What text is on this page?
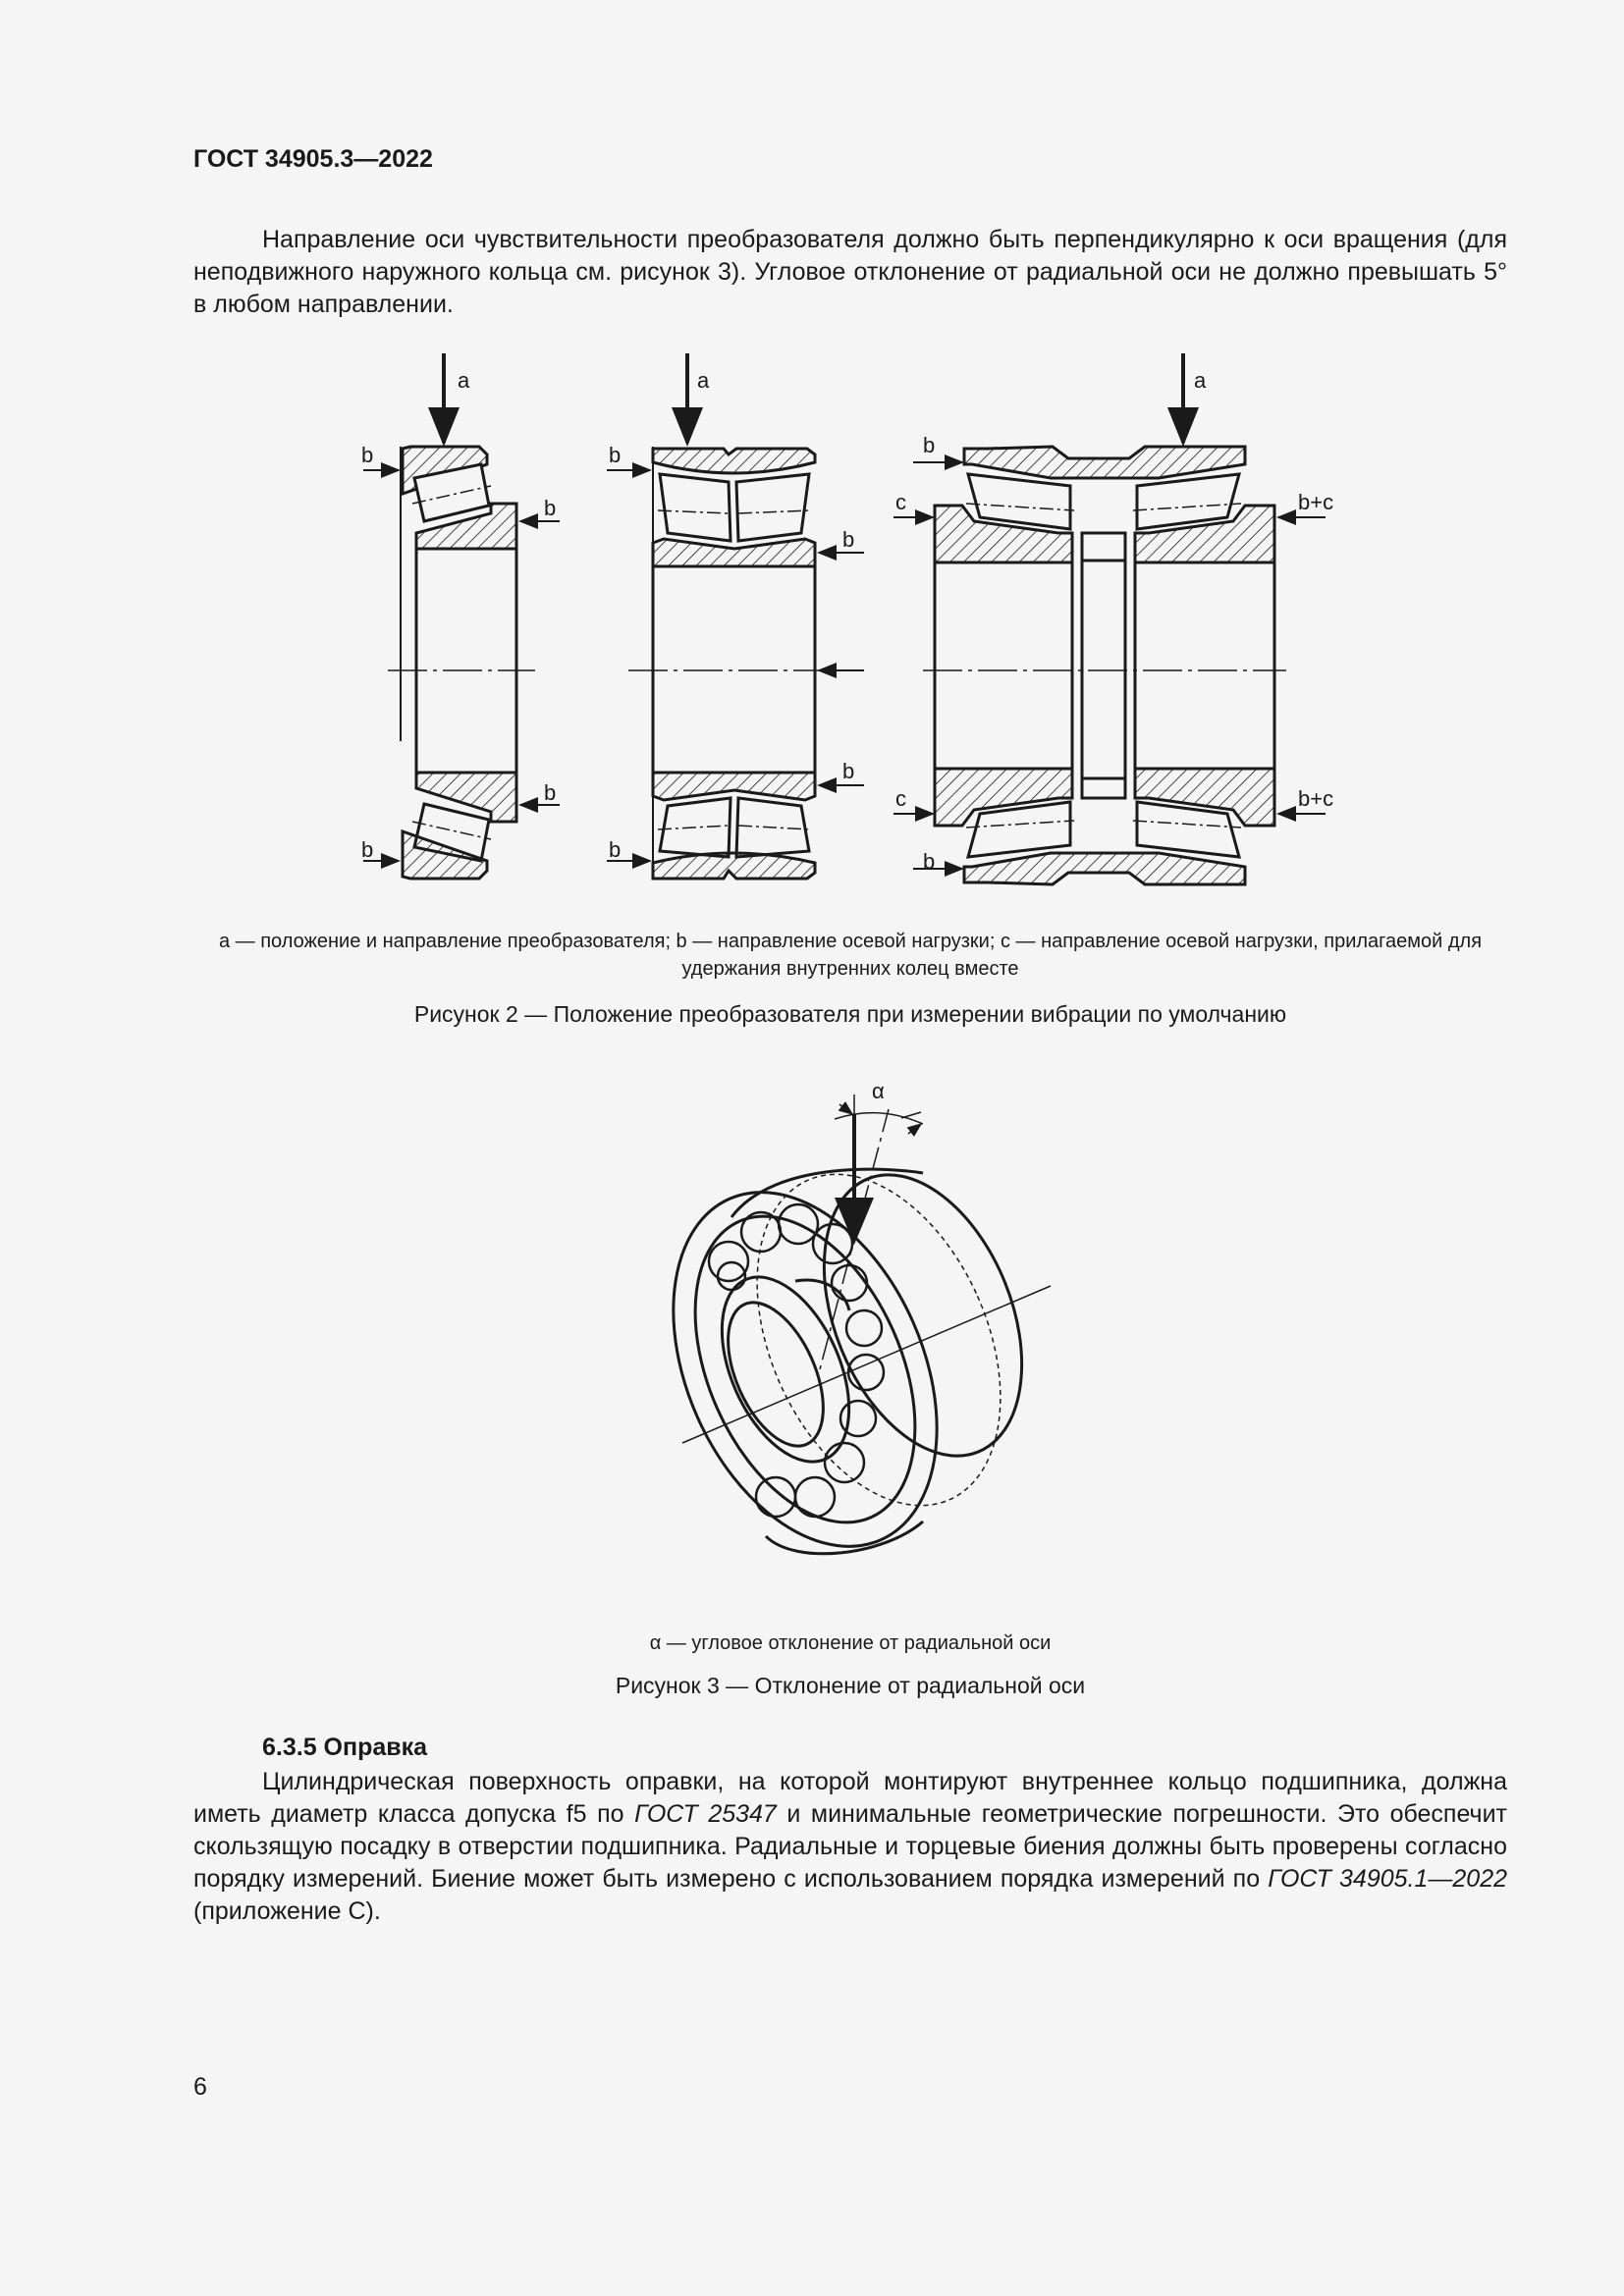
ГОСТ 34905.3—2022

Направление оси чувствительности преобразователя должно быть перпендикулярно к оси вращения (для неподвижного наружного кольца см. рисунок 3). Угловое отклонение от радиальной оси не должно превышать 5° в любом направлении.

a	a	a
b
b
b
b
b
b
b
b
b
c	b+c
c	b+c
b
a — положение и направление преобразователя; b — направление осевой нагрузки; c — направление осевой нагрузки, прилагаемой для удержания внутренних колец вместе
Рисунок 2 — Положение преобразователя при измерении вибрации по умолчанию
α
α — угловое отклонение от радиальной оси
Рисунок 3 — Отклонение от радиальной оси
6.3.5 Оправка

Цилиндрическая поверхность оправки, на которой монтируют внутреннее кольцо подшипника, должна иметь диаметр класса допуска f5 по ГОСТ 25347 и минимальные геометрические погрешности. Это обеспечит скользящую посадку в отверстии подшипника. Радиальные и торцевые биения должны быть проверены согласно порядку измерений. Биение может быть измерено с использованием порядка измерений по ГОСТ 34905.1—2022 (приложение С).

6
